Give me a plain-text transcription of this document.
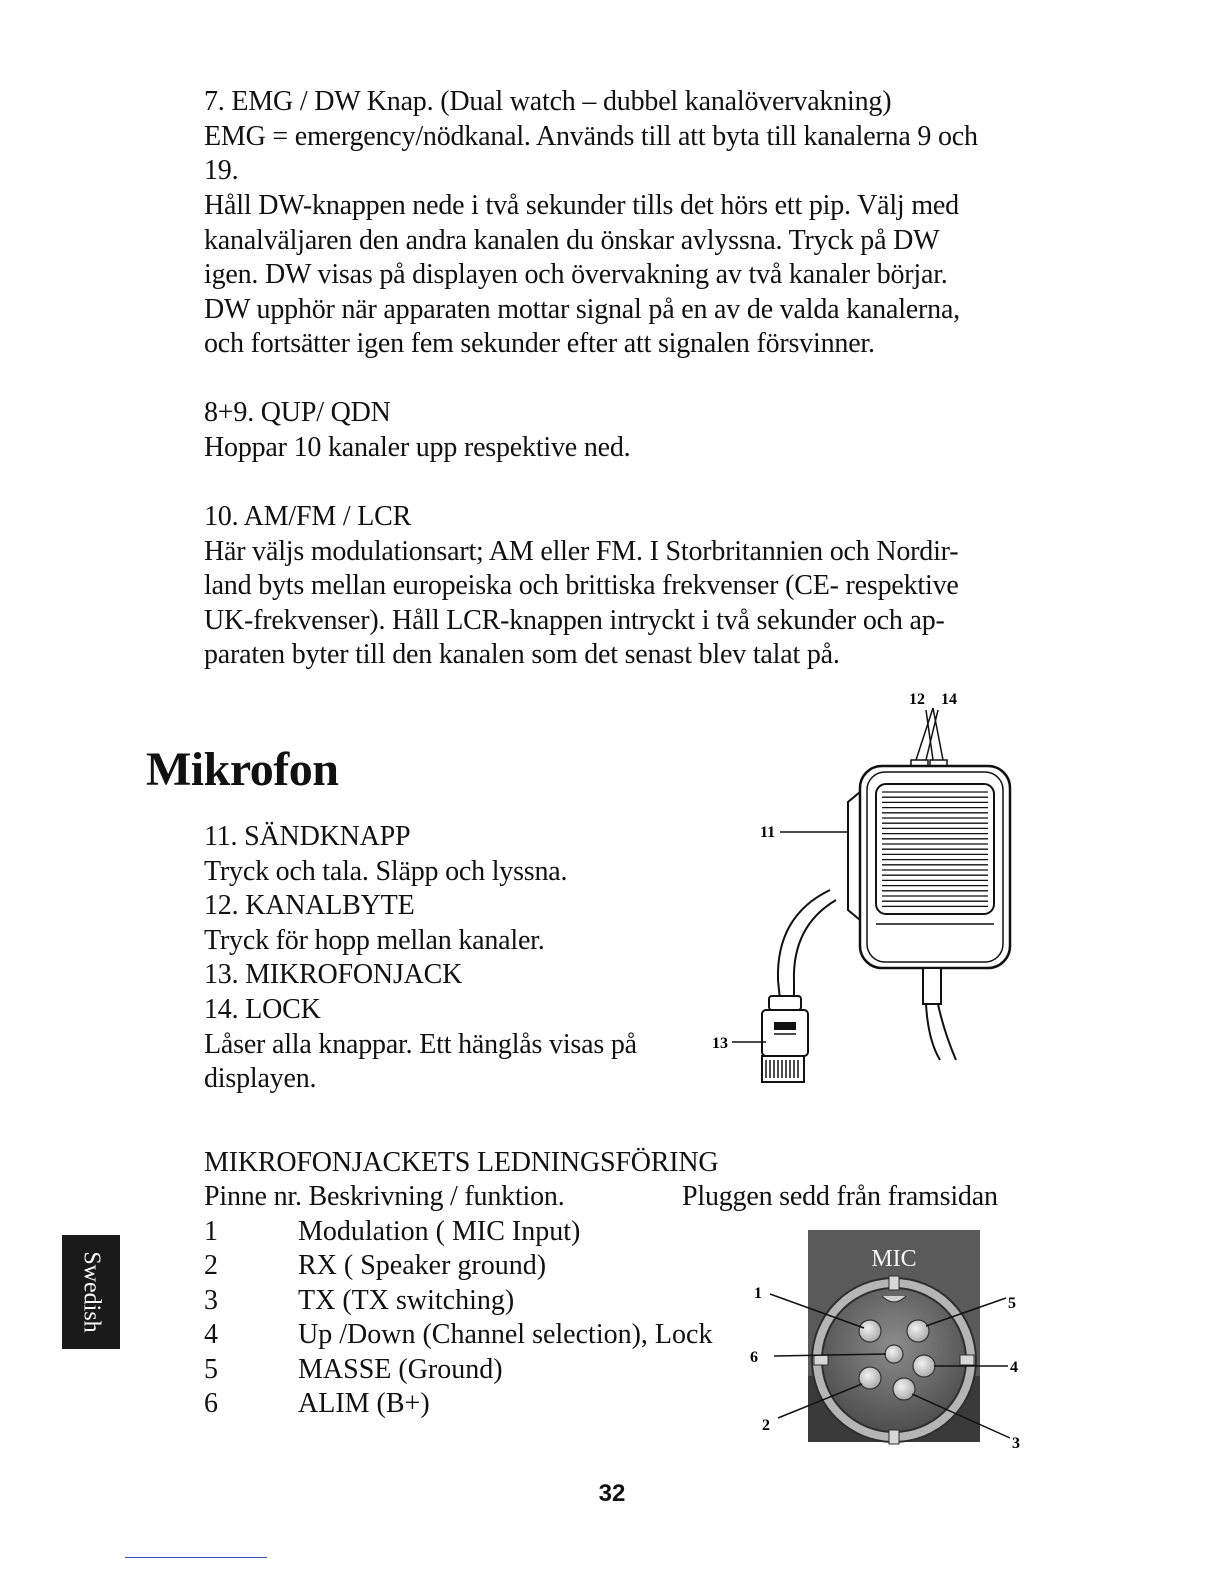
7. EMG / DW Knap. (Dual watch – dubbel kanalövervakning)
EMG = emergency/nödkanal. Används till att byta till kanalerna 9 och
19.
Håll DW-knappen nede i två sekunder tills det hörs ett pip. Välj med
kanalväljaren den andra kanalen du önskar avlyssna. Tryck på DW
igen. DW visas på displayen och övervakning av två kanaler börjar.
DW upphör när apparaten mottar signal på en av de valda kanalerna,
och fortsätter igen fem sekunder efter att signalen försvinner.
8+9. QUP/ QDN
Hoppar 10 kanaler upp respektive ned.
10. AM/FM / LCR
Här väljs modulationsart; AM eller FM. I Storbritannien och Nordir-
land byts mellan europeiska och brittiska frekvenser (CE- respektive
UK-frekvenser). Håll LCR-knappen intryckt i två sekunder och ap-
paraten byter till den kanalen som det senast blev talat på.
Mikrofon
11. SÄNDKNAPP
Tryck och tala. Släpp och lyssna.
12. KANALBYTE
Tryck för hopp mellan kanaler.
13. MIKROFONJACK
14. LOCK
Låser alla knappar. Ett hänglås visas på
displayen.
12 14
11
13
MIKROFONJACKETS LEDNINGSFÖRING
Pinne nr. Beskrivning / funktion.	Pluggen sedd från framsidan
1	Modulation ( MIC Input)
2	RX ( Speaker ground)
3	TX (TX switching)
4	Up /Down (Channel selection), Lock
5	MASSE (Ground)
6	ALIM (B+)
MIC
1
5
6
4
2
3
Swedish
32
